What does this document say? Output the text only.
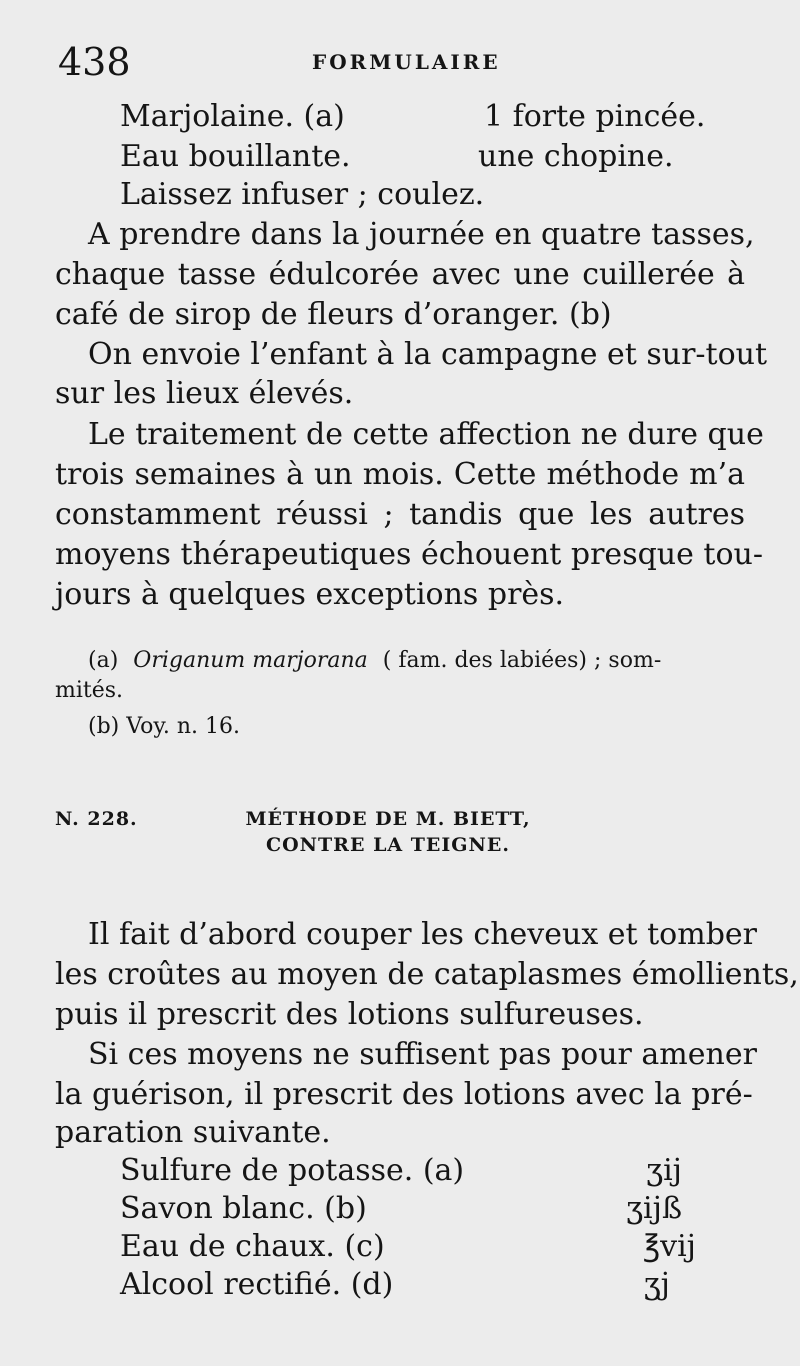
438	FORMULAIRE
Marjolaine. (a)	1 forte pincée.
Eau bouillante.	une chopine.
Laissez infuser ; coulez.
A prendre dans la journée en quatre tasses,
chaque tasse édulcorée avec une cuillerée à
café de sirop de fleurs d’oranger. (b)
On envoie l’enfant à la campagne et sur-tout
sur les lieux élevés.
Le traitement de cette affection ne dure que
trois semaines à un mois. Cette méthode m’a
constamment réussi ; tandis que les autres
moyens thérapeutiques échouent presque tou-
jours à quelques exceptions près.
(a) Origanum marjorana ( fam. des labiées) ; som-
mités.
(b) Voy. n. 16.
N. 228.	MÉTHODE DE M. BIETT,
CONTRE LA TEIGNE.
Il fait d’abord couper les cheveux et tomber
les croûtes au moyen de cataplasmes émollients,
puis il prescrit des lotions sulfureuses.
Si ces moyens ne suffisent pas pour amener
la guérison, il prescrit des lotions avec la pré-
paration suivante.
Sulfure de potasse. (a)	ʒij
Savon blanc. (b)	ʒijß
Eau de chaux. (c)	℥vij
Alcool rectifié. (d)	ʒj
